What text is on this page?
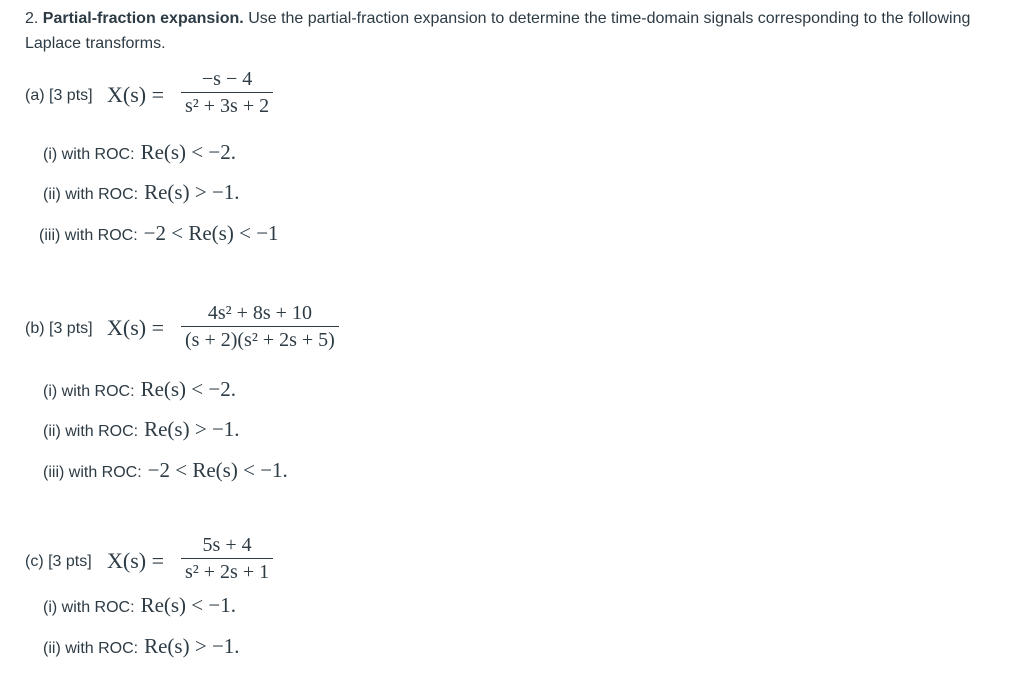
2. Partial-fraction expansion. Use the partial-fraction expansion to determine the time-domain signals corresponding to the following Laplace transforms.
(a) [3 pts] X(s) =
−s − 4
s² + 3s + 2
(i) with ROC: Re(s) < −2.
(ii) with ROC: Re(s) > −1.
(iii) with ROC: −2 < Re(s) < −1
(b) [3 pts] X(s) =
4s² + 8s + 10
(s + 2)(s² + 2s + 5)
(i) with ROC: Re(s) < −2.
(ii) with ROC: Re(s) > −1.
(iii) with ROC: −2 < Re(s) < −1.
(c) [3 pts] X(s) =
5s + 4
s² + 2s + 1
(i) with ROC: Re(s) < −1.
(ii) with ROC: Re(s) > −1.
